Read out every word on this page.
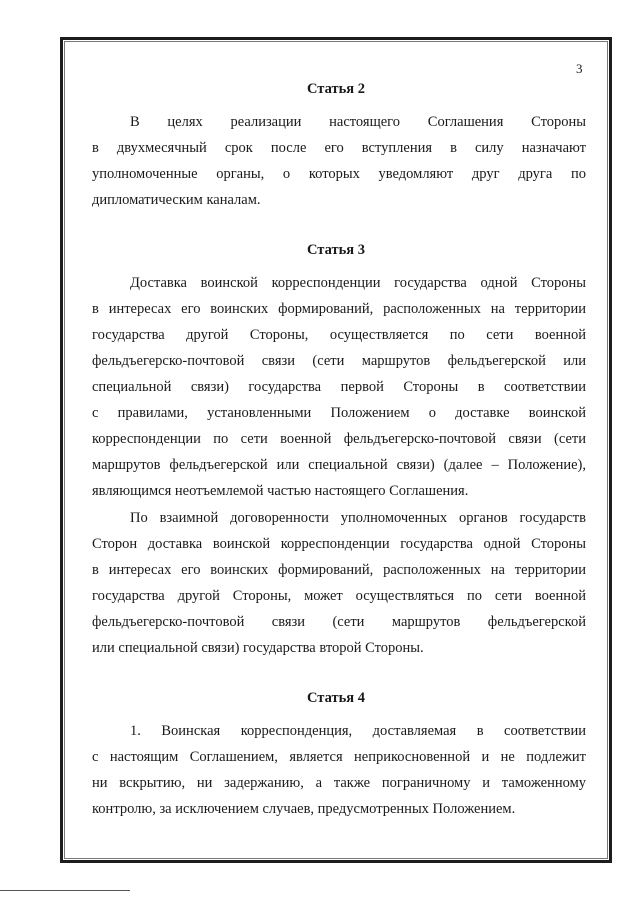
3
Статья 2

В целях реализации настоящего Соглашения Стороны

в двухмесячный срок после его вступления в силу назначают

уполномоченные органы, о которых уведомляют друг друга по

дипломатическим каналам.

Статья 3

Доставка воинской корреспонденции государства одной Стороны

в интересах его воинских формирований, расположенных на территории

государства другой Стороны, осуществляется по сети военной

фельдъегерско-почтовой связи (сети маршрутов фельдъегерской или

специальной связи) государства первой Стороны в соответствии

с правилами, установленными Положением о доставке воинской

корреспонденции по сети военной фельдъегерско-почтовой связи (сети

маршрутов фельдъегерской или специальной связи) (далее – Положение),

являющимся неотъемлемой частью настоящего Соглашения.

По взаимной договоренности уполномоченных органов государств

Сторон доставка воинской корреспонденции государства одной Стороны

в интересах его воинских формирований, расположенных на территории

государства другой Стороны, может осуществляться по сети военной

фельдъегерско-почтовой связи (сети маршрутов фельдъегерской

или специальной связи) государства второй Стороны.

Статья 4

1. Воинская корреспонденция, доставляемая в соответствии

с настоящим Соглашением, является неприкосновенной и не подлежит

ни вскрытию, ни задержанию, а также пограничному и таможенному

контролю, за исключением случаев, предусмотренных Положением.
